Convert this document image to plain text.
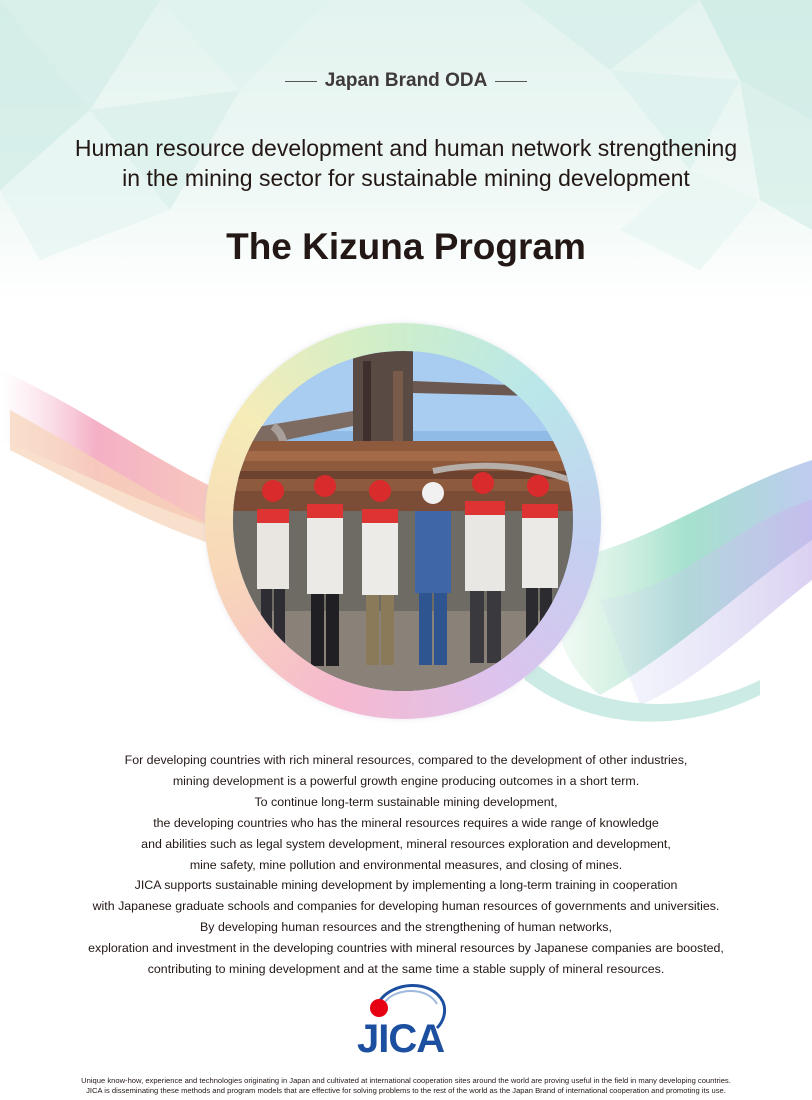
Japan Brand ODA
Human resource development and human network strengthening
in the mining sector for sustainable mining development
The Kizuna Program
For developing countries with rich mineral resources, compared to the development of other industries,
mining development is a powerful growth engine producing outcomes in a short term.
To continue long-term sustainable mining development,
the developing countries who has the mineral resources requires a wide range of knowledge
and abilities such as legal system development, mineral resources exploration and development,
mine safety, mine pollution and environmental measures, and closing of mines.
JICA supports sustainable mining development by implementing a long-term training in cooperation
with Japanese graduate schools and companies for developing human resources of governments and universities.
By developing human resources and the strengthening of human networks,
exploration and investment in the developing countries with mineral resources by Japanese companies are boosted,
contributing to mining development and at the same time a stable supply of mineral resources.
JICA
Unique know-how, experience and technologies originating in Japan and cultivated at international cooperation sites around the world are proving useful in the field in many developing countries.
JICA is disseminating these methods and program models that are effective for solving problems to the rest of the world as the Japan Brand of international cooperation and promoting its use.
